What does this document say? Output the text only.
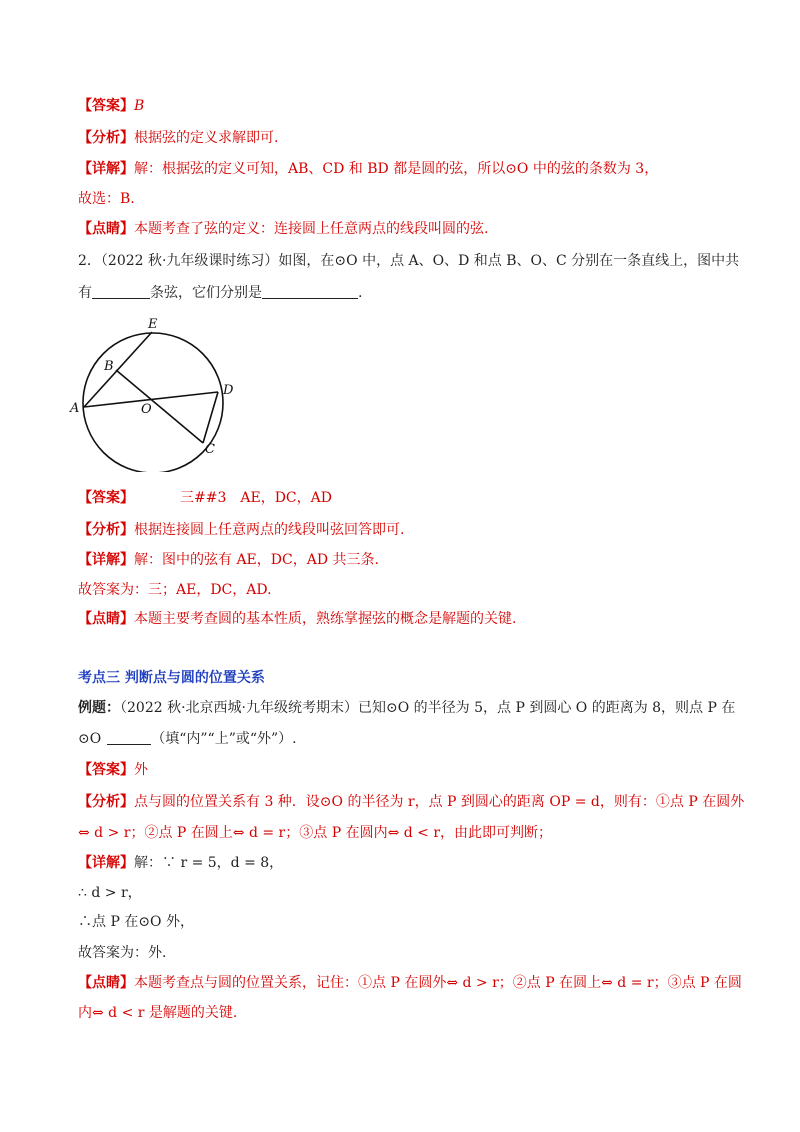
【答案】B
【分析】根据弦的定义求解即可.
【详解】解：根据弦的定义可知，AB、CD 和 BD 都是圆的弦，所以⊙O 中的弦的条数为 3，
故选：B.
【点睛】本题考查了弦的定义：连接圆上任意两点的线段叫圆的弦.
2．（2022 秋·九年级课时练习）如图，在⊙O 中，点 A、O、D 和点 B、O、C 分别在一条直线上，图中共
有	条弦，它们分别是	.
E
B
A	O
D
C
【答案】	三##3　AE，DC，AD
【分析】根据连接圆上任意两点的线段叫弦回答即可.
【详解】解：图中的弦有 AE，DC，AD 共三条.
故答案为：三；AE，DC，AD.
【点睛】本题主要考查圆的基本性质，熟练掌握弦的概念是解题的关键.
考点三 判断点与圆的位置关系
例题：（2022 秋·北京西城·九年级统考期末）已知⊙O 的半径为 5，点 P 到圆心 O 的距离为 8，则点 P 在
⊙O	（填“内”“上”或“外”）.
【答案】外
【分析】点与圆的位置关系有 3 种．设⊙O 的半径为 r，点 P 到圆心的距离 OP = d，则有：①点 P 在圆外
⇔ d > r；②点 P 在圆上⇔ d = r；③点 P 在圆内⇔ d < r，由此即可判断；
【详解】解：∵ r = 5，d = 8，
∴ d > r，
∴点 P 在⊙O 外，
故答案为：外.
【点睛】本题考查点与圆的位置关系，记住：①点 P 在圆外⇔ d > r；②点 P 在圆上⇔ d = r；③点 P 在圆
内⇔ d < r 是解题的关键.
